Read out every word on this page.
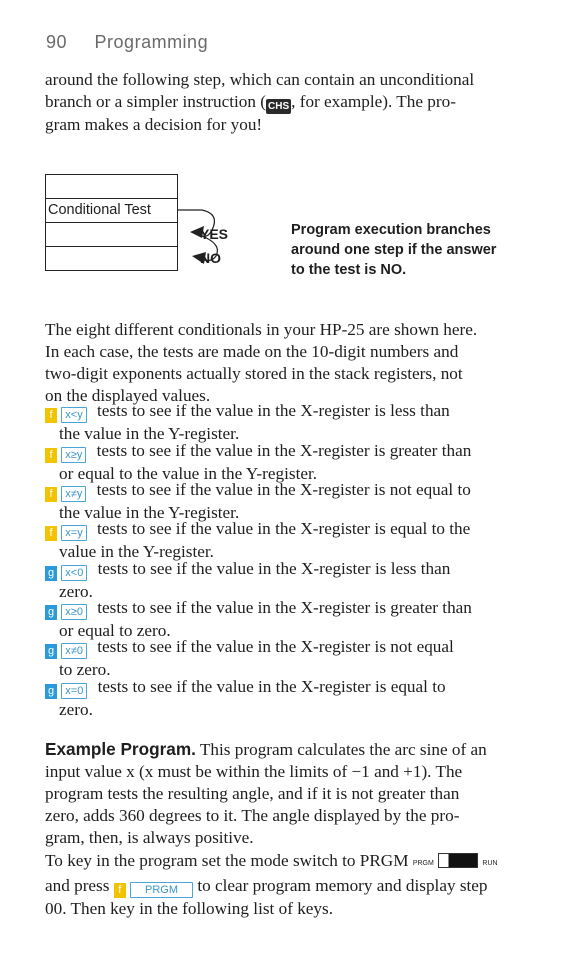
90 Programming
around the following step, which can contain an unconditional
branch or a simpler instruction ( CHS , for example). The pro-
gram makes a decision for you!
Conditional Test
YES
NO
Program execution branches
around one step if the answer
to the test is NO.
The eight different conditionals in your HP-25 are shown here.
In each case, the tests are made on the 10-digit numbers and
two-digit exponents actually stored in the stack registers, not
on the displayed values.
f x<y tests to see if the value in the X-register is less than
the value in the Y-register.
f x≥y tests to see if the value in the X-register is greater than
or equal to the value in the Y-register.
f x≠y tests to see if the value in the X-register is not equal to
the value in the Y-register.
f x=y tests to see if the value in the X-register is equal to the
value in the Y-register.
g x<0 tests to see if the value in the X-register is less than
zero.
g x≥0 tests to see if the value in the X-register is greater than
or equal to zero.
g x≠0 tests to see if the value in the X-register is not equal
to zero.
g x=0 tests to see if the value in the X-register is equal to
zero.
Example Program. This program calculates the arc sine of an
input value x (x must be within the limits of −1 and +1). The
program tests the resulting angle, and if it is not greater than
zero, adds 360 degrees to it. The angle displayed by the pro-
gram, then, is always positive.
To key in the program set the mode switch to PRGM PRGM	RUN
and press f PRGM to clear program memory and display step
00. Then key in the following list of keys.
